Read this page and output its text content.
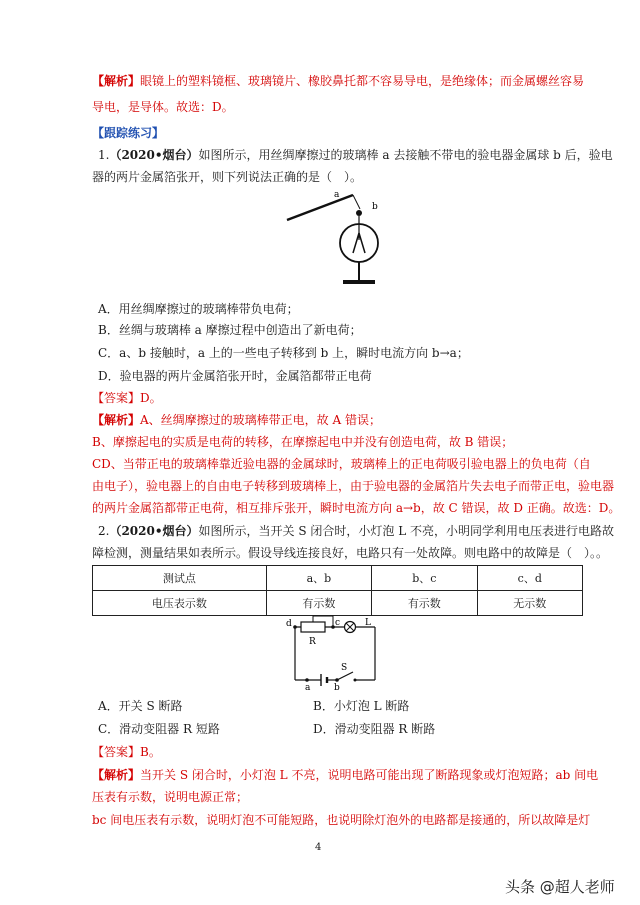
【解析】眼镜上的塑料镜框、玻璃镜片、橡胶鼻托都不容易导电，是绝缘体；而金属螺丝容易
导电，是导体。故选：D。
【跟踪练习】
1.（2020•烟台）如图所示，用丝绸摩擦过的玻璃棒 a 去接触不带电的验电器金属球 b 后，验电
器的两片金属箔张开，则下列说法正确的是（　）。
a
b
A．用丝绸摩擦过的玻璃棒带负电荷；
B．丝绸与玻璃棒 a 摩擦过程中创造出了新电荷；
C．a、b 接触时，a 上的一些电子转移到 b 上，瞬时电流方向 b→a；
D．验电器的两片金属箔张开时，金属箔都带正电荷
【答案】D。
【解析】A、丝绸摩擦过的玻璃棒带正电，故 A 错误；
B、摩擦起电的实质是电荷的转移，在摩擦起电中并没有创造电荷，故 B 错误；
CD、当带正电的玻璃棒靠近验电器的金属球时，玻璃棒上的正电荷吸引验电器上的负电荷（自
由电子），验电器上的自由电子转移到玻璃棒上，由于验电器的金属箔片失去电子而带正电，验电器
的两片金属箔都带正电荷，相互排斥张开，瞬时电流方向 a→b，故 C 错误，故 D 正确。故选：D。
2.（2020•烟台）如图所示，当开关 S 闭合时，小灯泡 L 不亮，小明同学利用电压表进行电路故
障检测，测量结果如表所示。假设导线连接良好，电路只有一处故障。则电路中的故障是（　）。。
测试点	a、b	b、c	c、d
电压表示数	有示数	有示数	无示数
d	c
R
L
a	b
S
A．开关 S 断路	B．小灯泡 L 断路
C．滑动变阻器 R 短路	D．滑动变阻器 R 断路
【答案】B。
【解析】当开关 S 闭合时，小灯泡 L 不亮，说明电路可能出现了断路现象或灯泡短路；ab 间电
压表有示数，说明电源正常；
bc 间电压表有示数，说明灯泡不可能短路，也说明除灯泡外的电路都是接通的，所以故障是灯
4
头条 @超人老师
